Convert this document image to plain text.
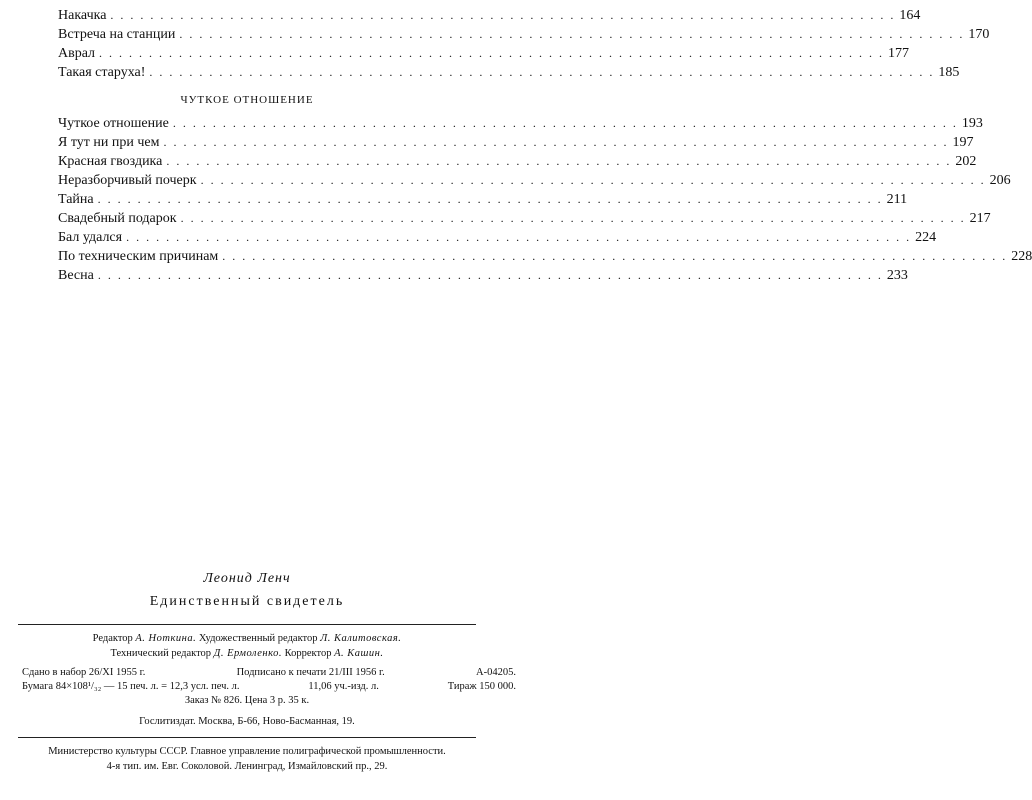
Накачка . . .	164
Встреча на станции . . .	170
Аврал . . .	177
Такая старуха! . . .	185
ЧУТКОЕ ОТНОШЕНИЕ
Чуткое отношение . . .	193
Я тут ни при чем . . .	197
Красная гвоздика . . .	202
Неразборчивый почерк . . .	206
Тайна . . .	211
Свадебный подарок . . .	217
Бал удался . . .	224
По техническим причинам . . .	228
Весна . . .	233
Леонид Ленч
Единственный свидетель
Редактор А. Ноткина. Художественный редактор Л. Калитовская.
Технический редактор Д. Ермоленко. Корректор А. Кашин.
Сдано в набор 26/XI 1955 г.	Подписано к печати 21/III 1956 г.	А-04205.
Бумага 84×108¹/₃₂ — 15 печ. л. = 12,3 усл. печ. л.	11,06 уч.-изд. л.	Тираж 150 000.
Заказ № 826. Цена 3 р. 35 к.
Гослитиздат. Москва, Б-66, Ново-Басманная, 19.
Министерство культуры СССР. Главное управление полиграфической промышленности.
4-я тип. им. Евг. Соколовой. Ленинград, Измайловский пр., 29.
